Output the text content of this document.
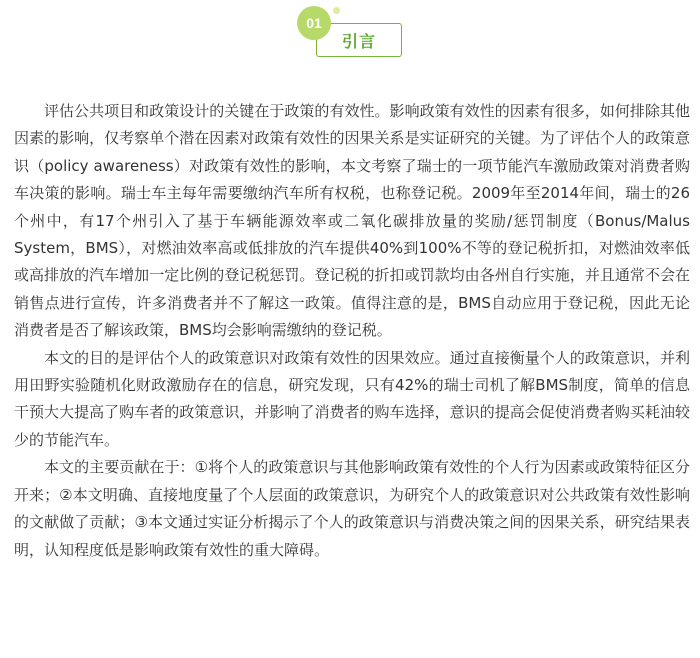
01
引言

评估公共项目和政策设计的关键在于政策的有效性。影响政策有效性的因素有很多，如何排除其他因素的影响，仅考察单个潜在因素对政策有效性的因果关系是实证研究的关键。为了评估个人的政策意识（policy awareness）对政策有效性的影响，本文考察了瑞士的一项节能汽车激励政策对消费者购车决策的影响。瑞士车主每年需要缴纳汽车所有权税，也称登记税。2009年至2014年间，瑞士的26个州中，有17个州引入了基于车辆能源效率或二氧化碳排放量的奖励/惩罚制度（Bonus/Malus System，BMS），对燃油效率高或低排放的汽车提供40%到100%不等的登记税折扣，对燃油效率低或高排放的汽车增加一定比例的登记税惩罚。登记税的折扣或罚款均由各州自行实施，并且通常不会在销售点进行宣传，许多消费者并不了解这一政策。值得注意的是，BMS自动应用于登记税，因此无论消费者是否了解该政策，BMS均会影响需缴纳的登记税。

本文的目的是评估个人的政策意识对政策有效性的因果效应。通过直接衡量个人的政策意识，并利用田野实验随机化财政激励存在的信息，研究发现，只有42%的瑞士司机了解BMS制度，简单的信息干预大大提高了购车者的政策意识，并影响了消费者的购车选择，意识的提高会促使消费者购买耗油较少的节能汽车。

本文的主要贡献在于：①将个人的政策意识与其他影响政策有效性的个人行为因素或政策特征区分开来；②本文明确、直接地度量了个人层面的政策意识，为研究个人的政策意识对公共政策有效性影响的文献做了贡献；③本文通过实证分析揭示了个人的政策意识与消费决策之间的因果关系，研究结果表明，认知程度低是影响政策有效性的重大障碍。
